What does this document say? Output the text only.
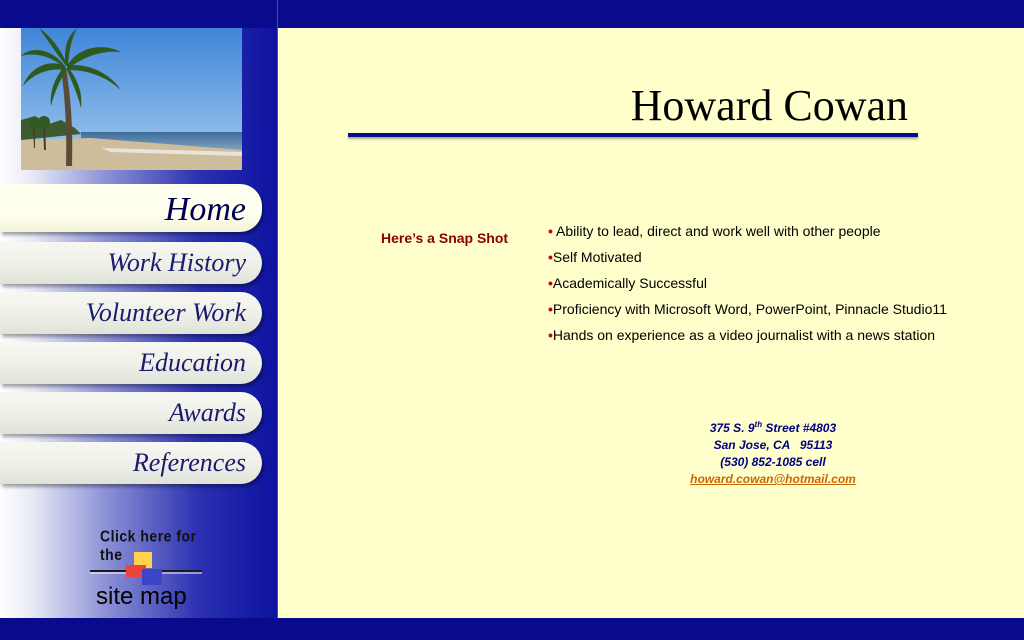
Home
Work History
Volunteer Work
Education
Awards
References
Click here for the
site map
Howard Cowan
Here’s a Snap Shot	• Ability to lead, direct and work well with other people
•Self Motivated
•Academically Successful
•Proficiency with Microsoft Word, PowerPoint, Pinnacle Studio11
•Hands on experience as a video journalist with a news station
375 S. 9th Street #4803
San Jose, CA   95113
(530) 852-1085 cell
howard.cowan@hotmail.com
